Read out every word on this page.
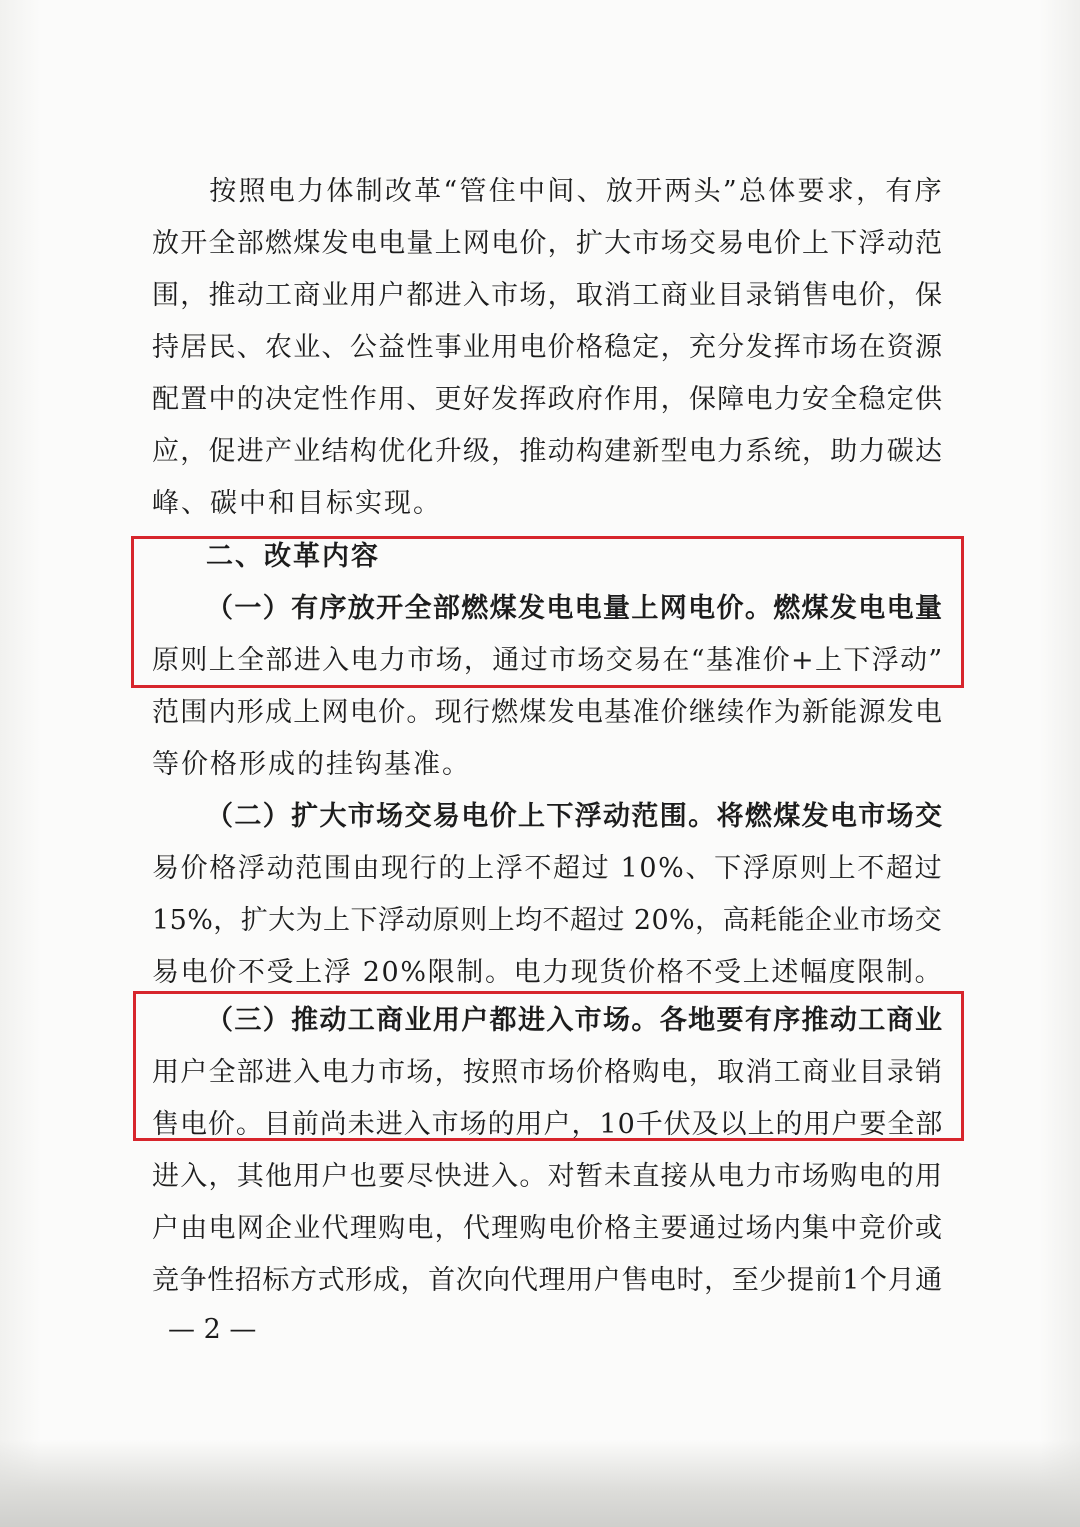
　按照电力体制改革“管住中间、放开两头”总体要求，有序
放开全部燃煤发电电量上网电价，扩大市场交易电价上下浮动范
围，推动工商业用户都进入市场，取消工商业目录销售电价，保
持居民、农业、公益性事业用电价格稳定，充分发挥市场在资源
配置中的决定性作用、更好发挥政府作用，保障电力安全稳定供
应，促进产业结构优化升级，推动构建新型电力系统，助力碳达
峰、碳中和目标实现。
二、改革内容
（一）有序放开全部燃煤发电电量上网电价。燃煤发电电量
原则上全部进入电力市场，通过市场交易在“基准价+上下浮动”
范围内形成上网电价。现行燃煤发电基准价继续作为新能源发电
等价格形成的挂钩基准。
（二）扩大市场交易电价上下浮动范围。将燃煤发电市场交
易价格浮动范围由现行的上浮不超过 10%、下浮原则上不超过
15%，扩大为上下浮动原则上均不超过 20%，高耗能企业市场交
易电价不受上浮 20%限制。电力现货价格不受上述幅度限制。
（三）推动工商业用户都进入市场。各地要有序推动工商业
用户全部进入电力市场，按照市场价格购电，取消工商业目录销
售电价。目前尚未进入市场的用户，10千伏及以上的用户要全部
进入，其他用户也要尽快进入。对暂未直接从电力市场购电的用
户由电网企业代理购电，代理购电价格主要通过场内集中竞价或
竞争性招标方式形成，首次向代理用户售电时，至少提前1个月通
— 2 —
